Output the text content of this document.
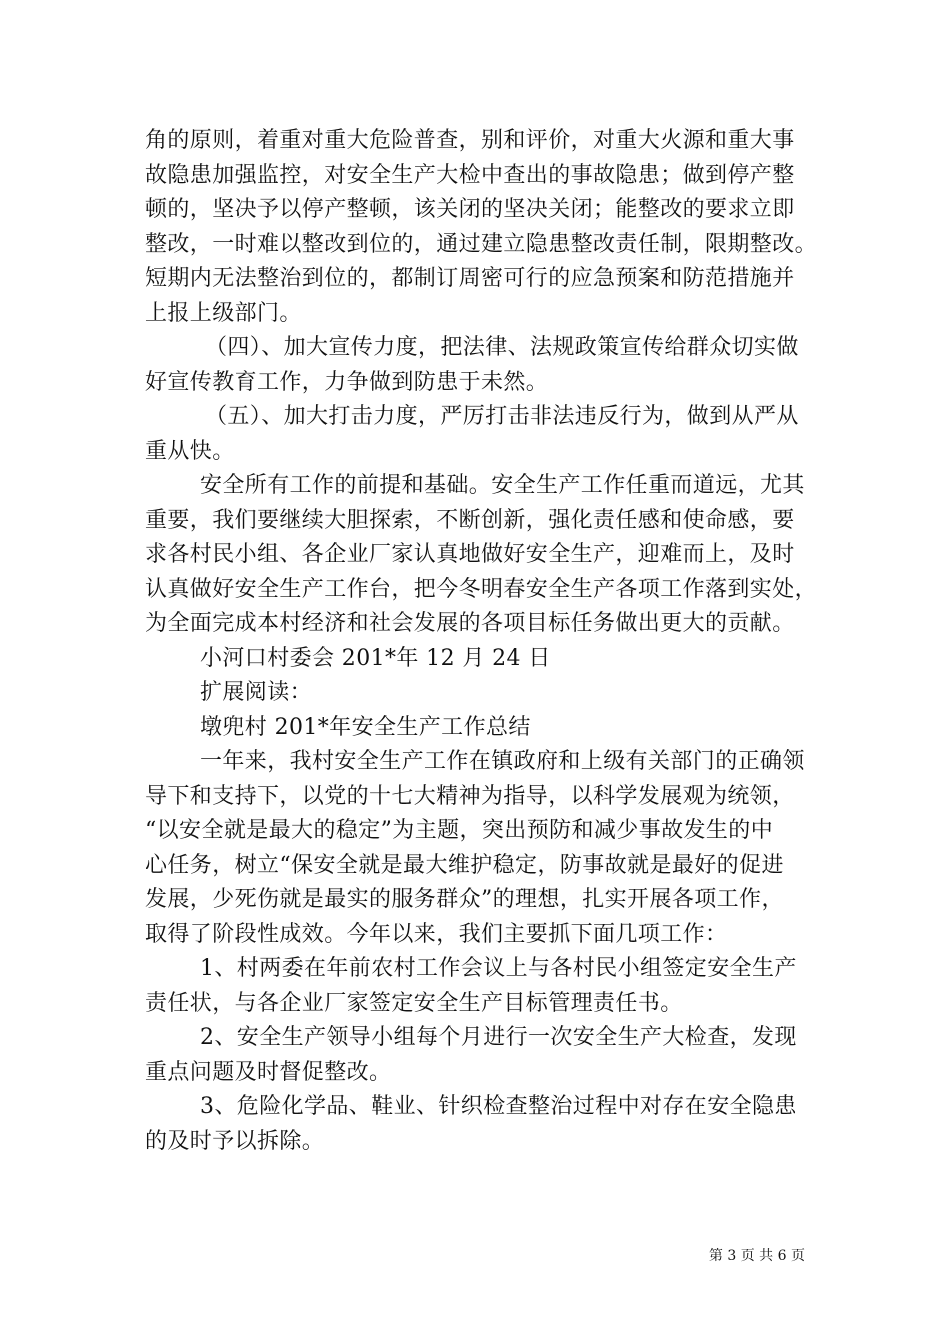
角的原则，着重对重大危险普查，别和评价，对重大火源和重大事
故隐患加强监控，对安全生产大检中查出的事故隐患；做到停产整
顿的，坚决予以停产整顿，该关闭的坚决关闭；能整改的要求立即
整改，一时难以整改到位的，通过建立隐患整改责任制，限期整改。
短期内无法整治到位的，都制订周密可行的应急预案和防范措施并
上报上级部门。
（四）、加大宣传力度，把法律、法规政策宣传给群众切实做
好宣传教育工作，力争做到防患于未然。
（五）、加大打击力度，严厉打击非法违反行为，做到从严从
重从快。
安全所有工作的前提和基础。安全生产工作任重而道远，尤其
重要，我们要继续大胆探索，不断创新，强化责任感和使命感，要
求各村民小组、各企业厂家认真地做好安全生产，迎难而上，及时
认真做好安全生产工作台，把今冬明春安全生产各项工作落到实处，
为全面完成本村经济和社会发展的各项目标任务做出更大的贡献。
小河口村委会 201*年 12 月 24 日
扩展阅读：
墩兜村 201*年安全生产工作总结
一年来，我村安全生产工作在镇政府和上级有关部门的正确领
导下和支持下，以党的十七大精神为指导，以科学发展观为统领，
“以安全就是最大的稳定”为主题，突出预防和减少事故发生的中
心任务，树立“保安全就是最大维护稳定，防事故就是最好的促进
发展，少死伤就是最实的服务群众”的理想，扎实开展各项工作，
取得了阶段性成效。今年以来，我们主要抓下面几项工作：
1、村两委在年前农村工作会议上与各村民小组签定安全生产
责任状，与各企业厂家签定安全生产目标管理责任书。
2、安全生产领导小组每个月进行一次安全生产大检查，发现
重点问题及时督促整改。
3、危险化学品、鞋业、针织检查整治过程中对存在安全隐患
的及时予以拆除。
第 3 页 共 6 页
